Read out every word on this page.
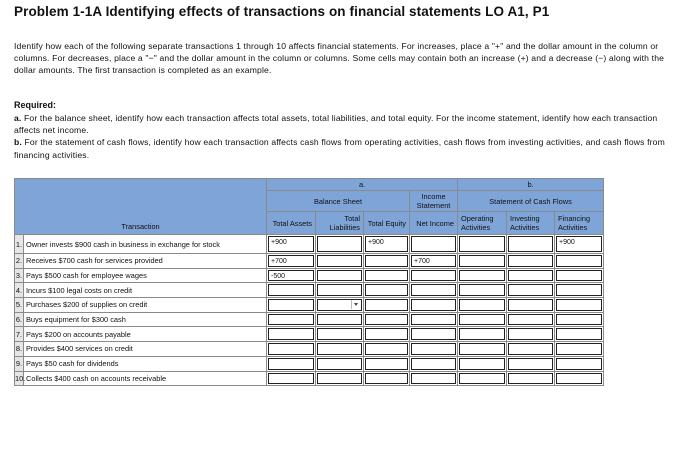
Problem 1-1A Identifying effects of transactions on financial statements LO A1, P1
Identify how each of the following separate transactions 1 through 10 affects financial statements. For increases, place a "+" and the dollar amount in the column or columns. For decreases, place a "−" and the dollar amount in the column or columns. Some cells may contain both an increase (+) and a decrease (−) along with the dollar amounts. The first transaction is completed as an example.
Required:

a. For the balance sheet, identify how each transaction affects total assets, total liabilities, and total equity. For the income statement, identify how each transaction affects net income.

b. For the statement of cash flows, identify how each transaction affects cash flows from operating activities, cash flows from investing activities, and cash flows from financing activities.

Transaction		a.				b.		
		Balance Sheet			Income Statement	Statement of Cash Flows		
		Total Assets	Total Liabilities	Total Equity	Net Income	Operating Activities	Investing Activities	Financing Activities
1.	Owner invests $900 cash in business in exchange for stock	+900		+900				+900

2.	Receives $700 cash for services provided	+700			+700			

3.	Pays $500 cash for employee wages	-500						

4.	Incurs $100 legal costs on credit	

5.	Purchases $200 of supplies on credit	

6.	Buys equipment for $300 cash	

7.	Pays $200 on accounts payable	

8.	Provides $400 services on credit	

9.	Pays $50 cash for dividends	

10.	Collects $400 cash on accounts receivable	
